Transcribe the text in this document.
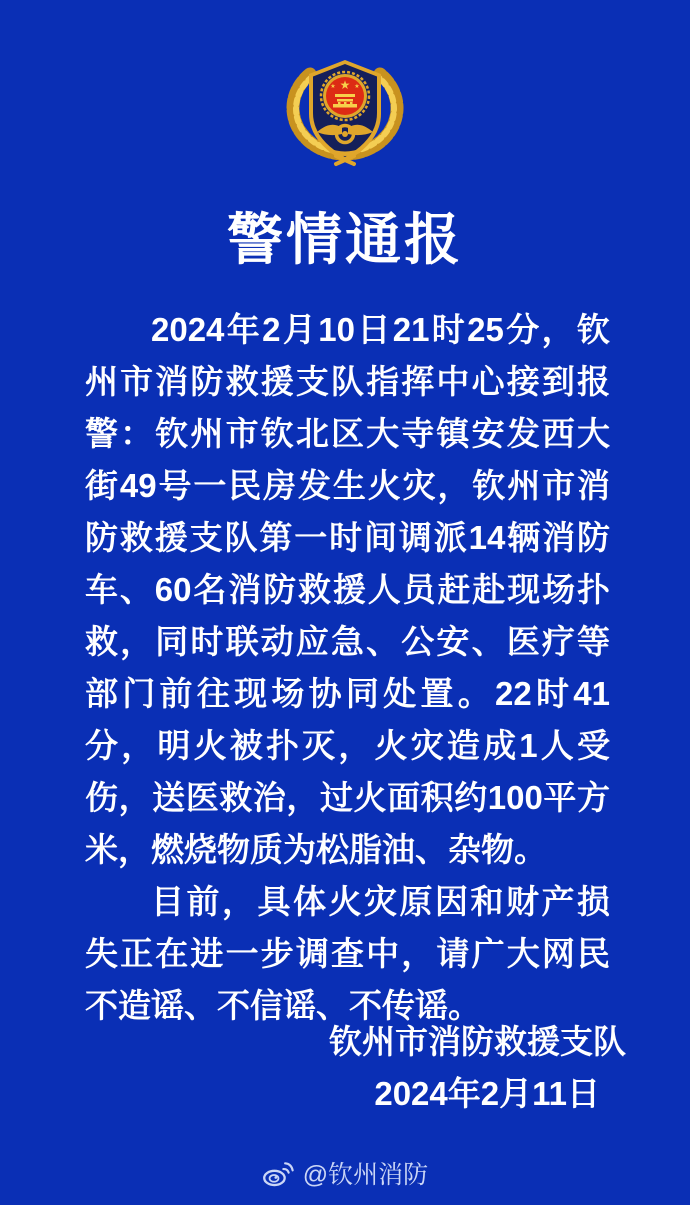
★
★	★
警情通报

2024年2月10日21时25分，钦州市消防救援支队指挥中心接到报警：钦州市钦北区大寺镇安发西大街49号一民房发生火灾，钦州市消防救援支队第一时间调派14辆消防车、60名消防救援人员赶赴现场扑救，同时联动应急、公安、医疗等部门前往现场协同处置。22时41分，明火被扑灭，火灾造成1人受伤，送医救治，过火面积约100平方米，燃烧物质为松脂油、杂物。

目前，具体火灾原因和财产损失正在进一步调查中，请广大网民不造谣、不信谣、不传谣。

钦州市消防救援支队
2024年2月11日
@钦州消防
